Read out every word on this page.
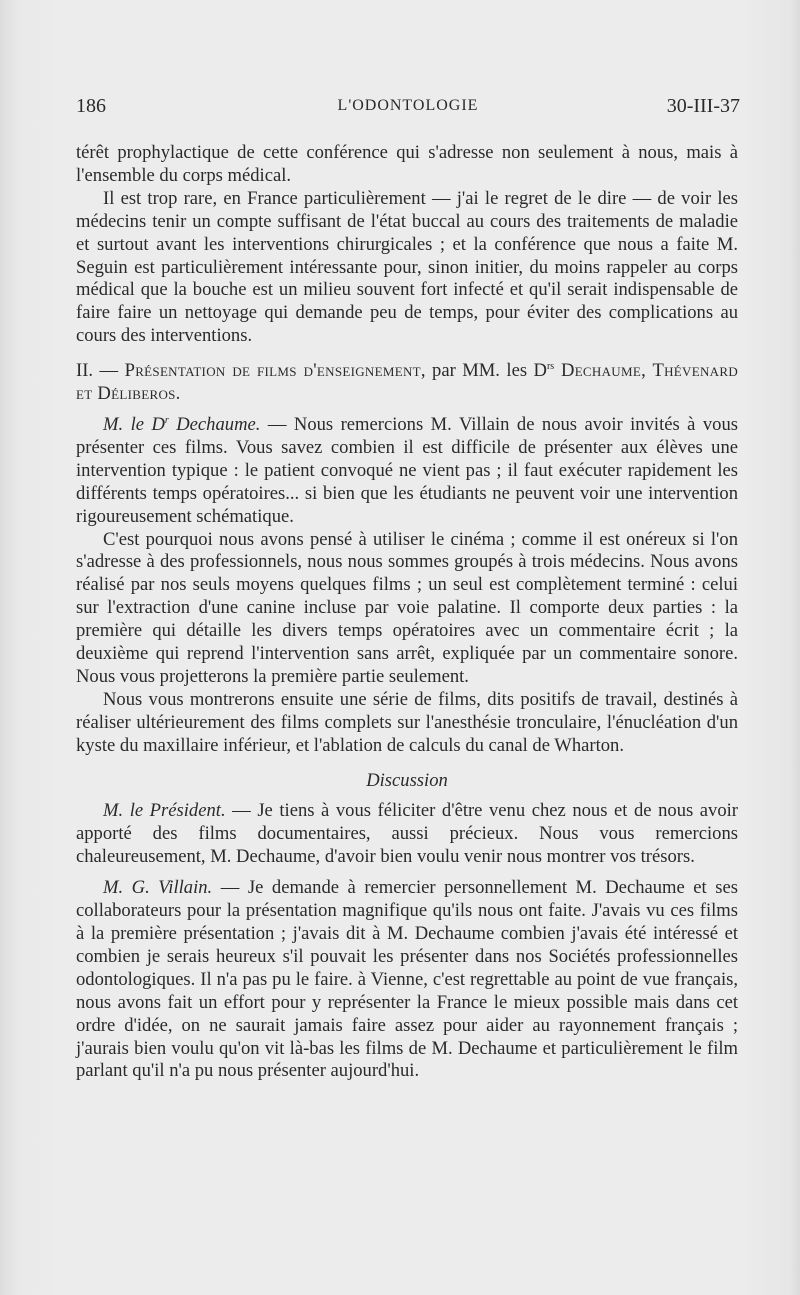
186	L'ODONTOLOGIE	30-III-37

térêt prophylactique de cette conférence qui s'adresse non seulement à nous, mais à l'ensemble du corps médical.

Il est trop rare, en France particulièrement — j'ai le regret de le dire — de voir les médecins tenir un compte suffisant de l'état buccal au cours des traitements de maladie et surtout avant les interventions chirurgicales ; et la conférence que nous a faite M. Seguin est particulièrement intéressante pour, sinon initier, du moins rappeler au corps médical que la bouche est un milieu souvent fort infecté et qu'il serait indispensable de faire faire un nettoyage qui demande peu de temps, pour éviter des complications au cours des interventions.

II. — Présentation de films d'enseignement, par MM. les $D^{rs}$ Dechaume, Thévenard et Déliberos.

M. le $D^r$ Dechaume. — Nous remercions M. Villain de nous avoir invités à vous présenter ces films. Vous savez combien il est difficile de présenter aux élèves une intervention typique : le patient convoqué ne vient pas ; il faut exécuter rapidement les différents temps opératoires... si bien que les étudiants ne peuvent voir une intervention rigoureusement schématique.

C'est pourquoi nous avons pensé à utiliser le cinéma ; comme il est onéreux si l'on s'adresse à des professionnels, nous nous sommes groupés à trois médecins. Nous avons réalisé par nos seuls moyens quelques films ; un seul est complètement terminé : celui sur l'extraction d'une canine incluse par voie palatine. Il comporte deux parties : la première qui détaille les divers temps opératoires avec un commentaire écrit ; la deuxième qui reprend l'intervention sans arrêt, expliquée par un commentaire sonore. Nous vous projetterons la première partie seulement.

Nous vous montrerons ensuite une série de films, dits positifs de travail, destinés à réaliser ultérieurement des films complets sur l'anesthésie tronculaire, l'énucléation d'un kyste du maxillaire inférieur, et l'ablation de calculs du canal de Wharton.

Discussion

M. le Président. — Je tiens à vous féliciter d'être venu chez nous et de nous avoir apporté des films documentaires, aussi précieux. Nous vous remercions chaleureusement, M. Dechaume, d'avoir bien voulu venir nous montrer vos trésors.

M. G. Villain. — Je demande à remercier personnellement M. Dechaume et ses collaborateurs pour la présentation magnifique qu'ils nous ont faite. J'avais vu ces films à la première présentation ; j'avais dit à M. Dechaume combien j'avais été intéressé et combien je serais heureux s'il pouvait les présenter dans nos Sociétés professionnelles odontologiques. Il n'a pas pu le faire. à Vienne, c'est regrettable au point de vue français, nous avons fait un effort pour y représenter la France le mieux possible mais dans cet ordre d'idée, on ne saurait jamais faire assez pour aider au rayonnement français ; j'aurais bien voulu qu'on vit là-bas les films de M. Dechaume et particulièrement le film parlant qu'il n'a pu nous présenter aujourd'hui.
